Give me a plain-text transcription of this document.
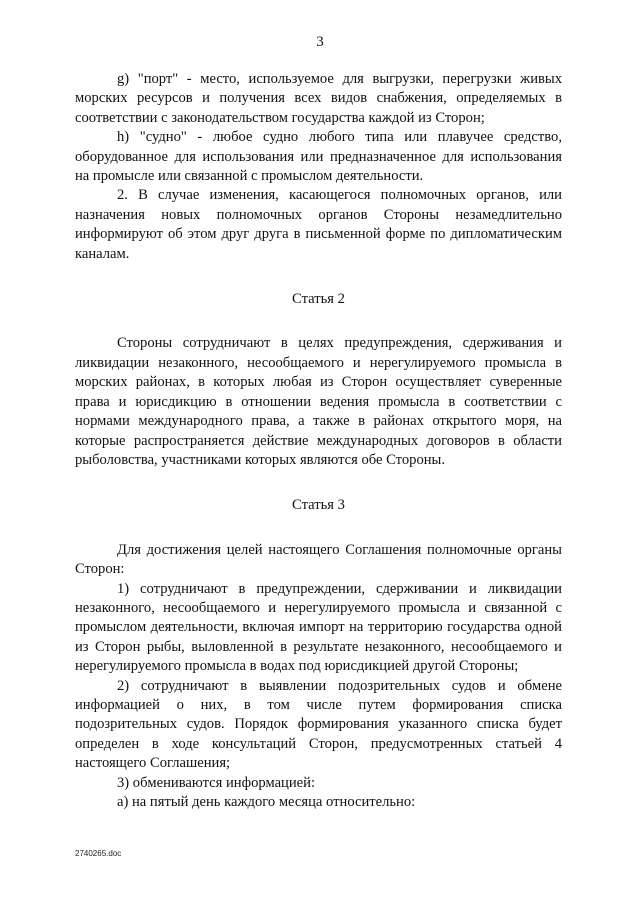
3

g) "порт" - место, используемое для выгрузки, перегрузки живых морских ресурсов и получения всех видов снабжения, определяемых в соответствии с законодательством государства каждой из Сторон;

h) "судно" - любое судно любого типа или плавучее средство, оборудованное для использования или предназначенное для использования на промысле или связанной с промыслом деятельности.

2. В случае изменения, касающегося полномочных органов, или назначения новых полномочных органов Стороны незамедлительно информируют об этом друг друга в письменной форме по дипломатическим каналам.

Статья 2

Стороны сотрудничают в целях предупреждения, сдерживания и ликвидации незаконного, несообщаемого и нерегулируемого промысла в морских районах, в которых любая из Сторон осуществляет суверенные права и юрисдикцию в отношении ведения промысла в соответствии с нормами международного права, а также в районах открытого моря, на которые распространяется действие международных договоров в области рыболовства, участниками которых являются обе Стороны.

Статья 3

Для достижения целей настоящего Соглашения полномочные органы Сторон:

1) сотрудничают в предупреждении, сдерживании и ликвидации незаконного, несообщаемого и нерегулируемого промысла и связанной с промыслом деятельности, включая импорт на территорию государства одной из Сторон рыбы, выловленной в результате незаконного, несообщаемого и нерегулируемого промысла в водах под юрисдикцией другой Стороны;

2) сотрудничают в выявлении подозрительных судов и обмене информацией о них, в том числе путем формирования списка подозрительных судов. Порядок формирования указанного списка будет определен в ходе консультаций Сторон, предусмотренных статьей 4 настоящего Соглашения;

3) обмениваются информацией:

а) на пятый день каждого месяца относительно:

2740265.doc
